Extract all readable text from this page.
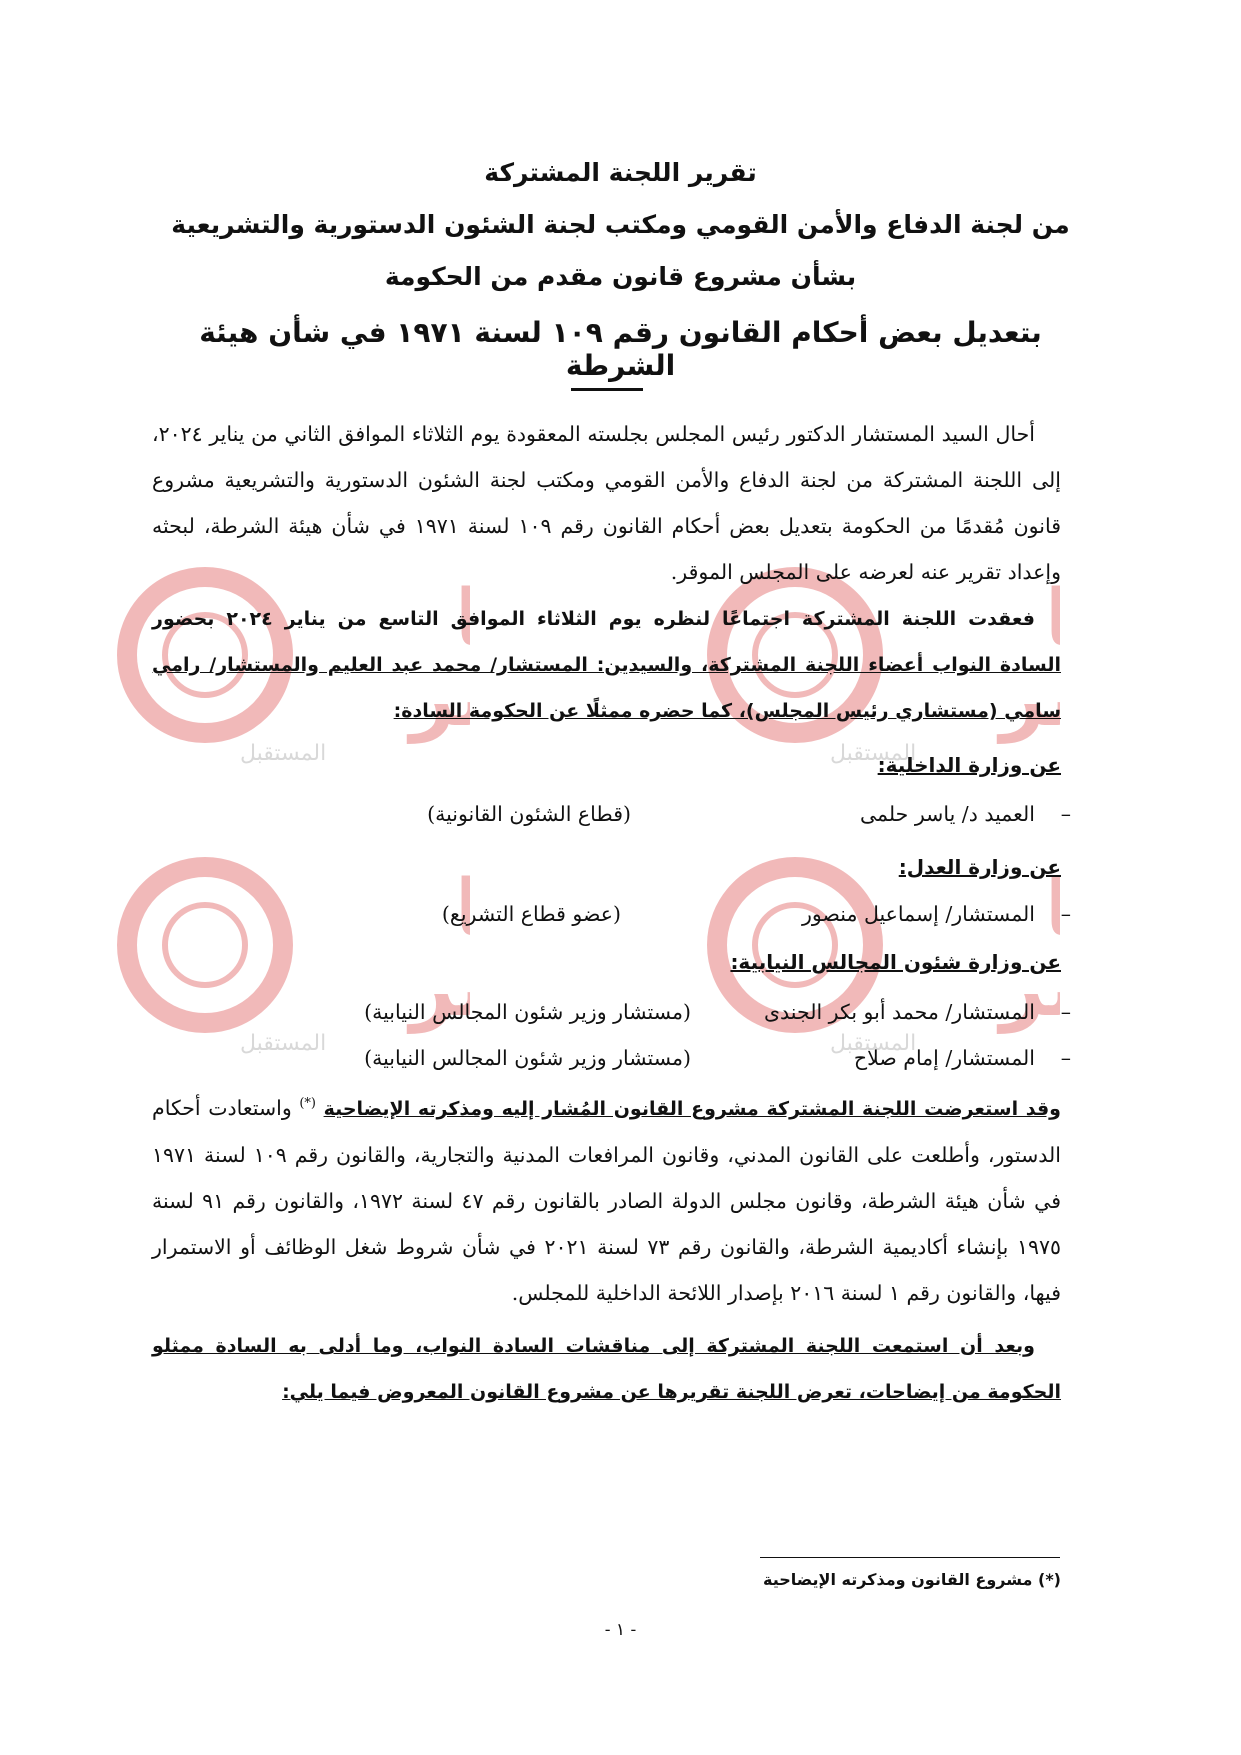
ر
المستقبل
ر
المستقبل
ر
المستقبل
ر
المستقبل
تقرير اللجنة المشتركة
من لجنة الدفاع والأمن القومي ومكتب لجنة الشئون الدستورية والتشريعية
بشأن مشروع قانون مقدم من الحكومة
بتعديل بعض أحكام القانون رقم ١٠٩ لسنة ١٩٧١ في شأن هيئة الشرطة
أحال السيد المستشار الدكتور رئيس المجلس بجلسته المعقودة يوم الثلاثاء الموافق الثاني من يناير ٢٠٢٤، إلى اللجنة المشتركة من لجنة الدفاع والأمن القومي ومكتب لجنة الشئون الدستورية والتشريعية مشروع قانون مُقدمًا من الحكومة بتعديل بعض أحكام القانون رقم ١٠٩ لسنة ١٩٧١ في شأن هيئة الشرطة، لبحثه وإعداد تقرير عنه لعرضه على المجلس الموقر.
فعقدت اللجنة المشتركة اجتماعًا لنظره يوم الثلاثاء الموافق التاسع من يناير ٢٠٢٤ بحضور السادة النواب أعضاء اللجنة المشتركة، والسيدين: المستشار/ محمد عبد العليم والمستشار/ رامي سامي (مستشاري رئيس المجلس)، كما حضره ممثلًا عن الحكومة السادة:
عن وزارة الداخلية:
–
العميد د/ ياسر حلمى
(قطاع الشئون القانونية)
عن وزارة العدل:
–
المستشار/ إسماعيل منصور
(عضو قطاع التشريع)
عن وزارة شئون المجالس النيابية:
–
المستشار/ محمد أبو بكر الجندى
(مستشار وزير شئون المجالس النيابية)
–
المستشار/ إمام صلاح
(مستشار وزير شئون المجالس النيابية)
وقد استعرضت اللجنة المشتركة مشروع القانون المُشار إليه ومذكرته الإيضاحية (*) واستعادت أحكام الدستور، وأطلعت على القانون المدني، وقانون المرافعات المدنية والتجارية، والقانون رقم ١٠٩ لسنة ١٩٧١ في شأن هيئة الشرطة، وقانون مجلس الدولة الصادر بالقانون رقم ٤٧ لسنة ١٩٧٢، والقانون رقم ٩١ لسنة ١٩٧٥ بإنشاء أكاديمية الشرطة، والقانون رقم ٧٣ لسنة ٢٠٢١ في شأن شروط شغل الوظائف أو الاستمرار فيها، والقانون رقم ١ لسنة ٢٠١٦ بإصدار اللائحة الداخلية للمجلس.
وبعد أن استمعت اللجنة المشتركة إلى مناقشات السادة النواب، وما أدلى به السادة ممثلو الحكومة من إيضاحات، تعرض اللجنة تقريرها عن مشروع القانون المعروض فيما يلي:
(*) مشروع القانون ومذكرته الإيضاحية
- ١ -
